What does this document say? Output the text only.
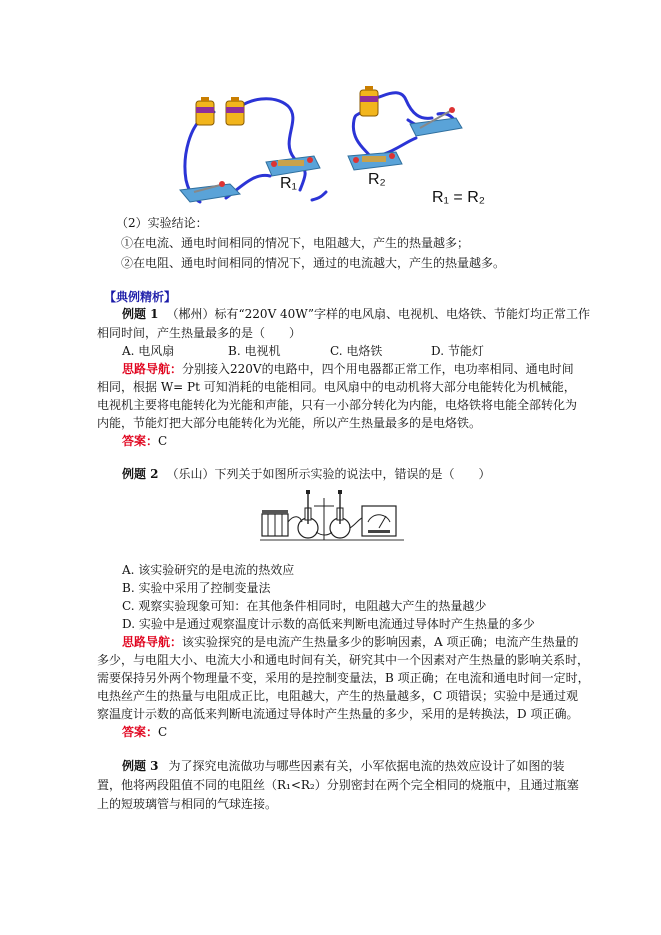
R₁	R₂
R₁ = R₂
（2）实验结论：
①在电流、通电时间相同的情况下，电阻越大，产生的热量越多；
②在电阻、通电时间相同的情况下，通过的电流越大，产生的热量越多。
【典例精析】
例题 1 （郴州）标有“220V 40W”字样的电风扇、电视机、电烙铁、节能灯均正常工作
相同时间，产生热量最多的是（　　）
A. 电风扇	B. 电视机	C. 电烙铁	D. 节能灯
思路导航：分别接入220V的电路中，四个用电器都正常工作，电功率相同、通电时间
相同，根据 W= Pt 可知消耗的电能相同。电风扇中的电动机将大部分电能转化为机械能，
电视机主要将电能转化为光能和声能，只有一小部分转化为内能，电烙铁将电能全部转化为
内能，节能灯把大部分电能转化为光能，所以产生热量最多的是电烙铁。
答案：C
例题 2 （乐山）下列关于如图所示实验的说法中，错误的是（　　）
A. 该实验研究的是电流的热效应
B. 实验中采用了控制变量法
C. 观察实验现象可知：在其他条件相同时，电阻越大产生的热量越少
D. 实验中是通过观察温度计示数的高低来判断电流通过导体时产生热量的多少
思路导航：该实验探究的是电流产生热量多少的影响因素，A 项正确；电流产生热量的
多少，与电阻大小、电流大小和通电时间有关，研究其中一个因素对产生热量的影响关系时，
需要保持另外两个物理量不变，采用的是控制变量法，B 项正确；在电流和通电时间一定时，
电热丝产生的热量与电阻成正比，电阻越大，产生的热量越多，C 项错误；实验中是通过观
察温度计示数的高低来判断电流通过导体时产生热量的多少，采用的是转换法，D 项正确。
答案：C
例题 3 为了探究电流做功与哪些因素有关，小军依据电流的热效应设计了如图的装
置，他将两段阻值不同的电阻丝（R₁<R₂）分别密封在两个完全相同的烧瓶中，且通过瓶塞
上的短玻璃管与相同的气球连接。
